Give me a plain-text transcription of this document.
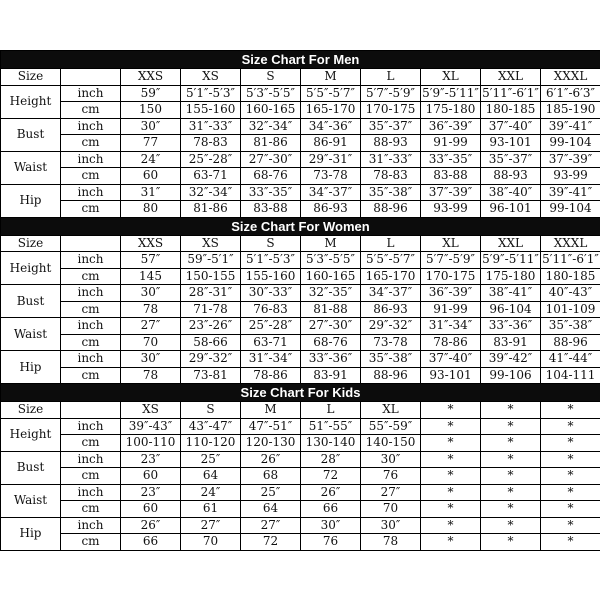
Size Chart For Men									
Size		XXS	XS	S	M	L	XL	XXL	XXXL
Height	inch	59″	5′1″-5′3″	5′3″-5′5″	5′5″-5′7″	5′7″-5′9″	5′9″-5′11″	5′11″-6′1″	6′1″-6′3″
	cm	150	155-160	160-165	165-170	170-175	175-180	180-185	185-190
Bust	inch	30″	31″-33″	32″-34″	34″-36″	35″-37″	36″-39″	37″-40″	39″-41″
	cm	77	78-83	81-86	86-91	88-93	91-99	93-101	99-104
Waist	inch	24″	25″-28″	27″-30″	29″-31″	31″-33″	33″-35″	35″-37″	37″-39″
	cm	60	63-71	68-76	73-78	78-83	83-88	88-93	93-99
Hip	inch	31″	32″-34″	33″-35″	34″-37″	35″-38″	37″-39″	38″-40″	39″-41″
	cm	80	81-86	83-88	86-93	88-96	93-99	96-101	99-104
Size Chart For Women									
Size		XXS	XS	S	M	L	XL	XXL	XXXL
Height	inch	57″	59″-5′1″	5′1″-5′3″	5′3″-5′5″	5′5″-5′7″	5′7″-5′9″	5′9″-5′11″	5′11″-6′1″
	cm	145	150-155	155-160	160-165	165-170	170-175	175-180	180-185
Bust	inch	30″	28″-31″	30″-33″	32″-35″	34″-37″	36″-39″	38″-41″	40″-43″
	cm	78	71-78	76-83	81-88	86-93	91-99	96-104	101-109
Waist	inch	27″	23″-26″	25″-28″	27″-30″	29″-32″	31″-34″	33″-36″	35″-38″
	cm	70	58-66	63-71	68-76	73-78	78-86	83-91	88-96
Hip	inch	30″	29″-32″	31″-34″	33″-36″	35″-38″	37″-40″	39″-42″	41″-44″
	cm	78	73-81	78-86	83-91	88-96	93-101	99-106	104-111
Size Chart For Kids									
Size		XS	S	M	L	XL	*	*	*
Height	inch	39″-43″	43″-47″	47″-51″	51″-55″	55″-59″	*	*	*
	cm	100-110	110-120	120-130	130-140	140-150	*	*	*
Bust	inch	23″	25″	26″	28″	30″	*	*	*
	cm	60	64	68	72	76	*	*	*
Waist	inch	23″	24″	25″	26″	27″	*	*	*
	cm	60	61	64	66	70	*	*	*
Hip	inch	26″	27″	27″	30″	30″	*	*	*
	cm	66	70	72	76	78	*	*	*
